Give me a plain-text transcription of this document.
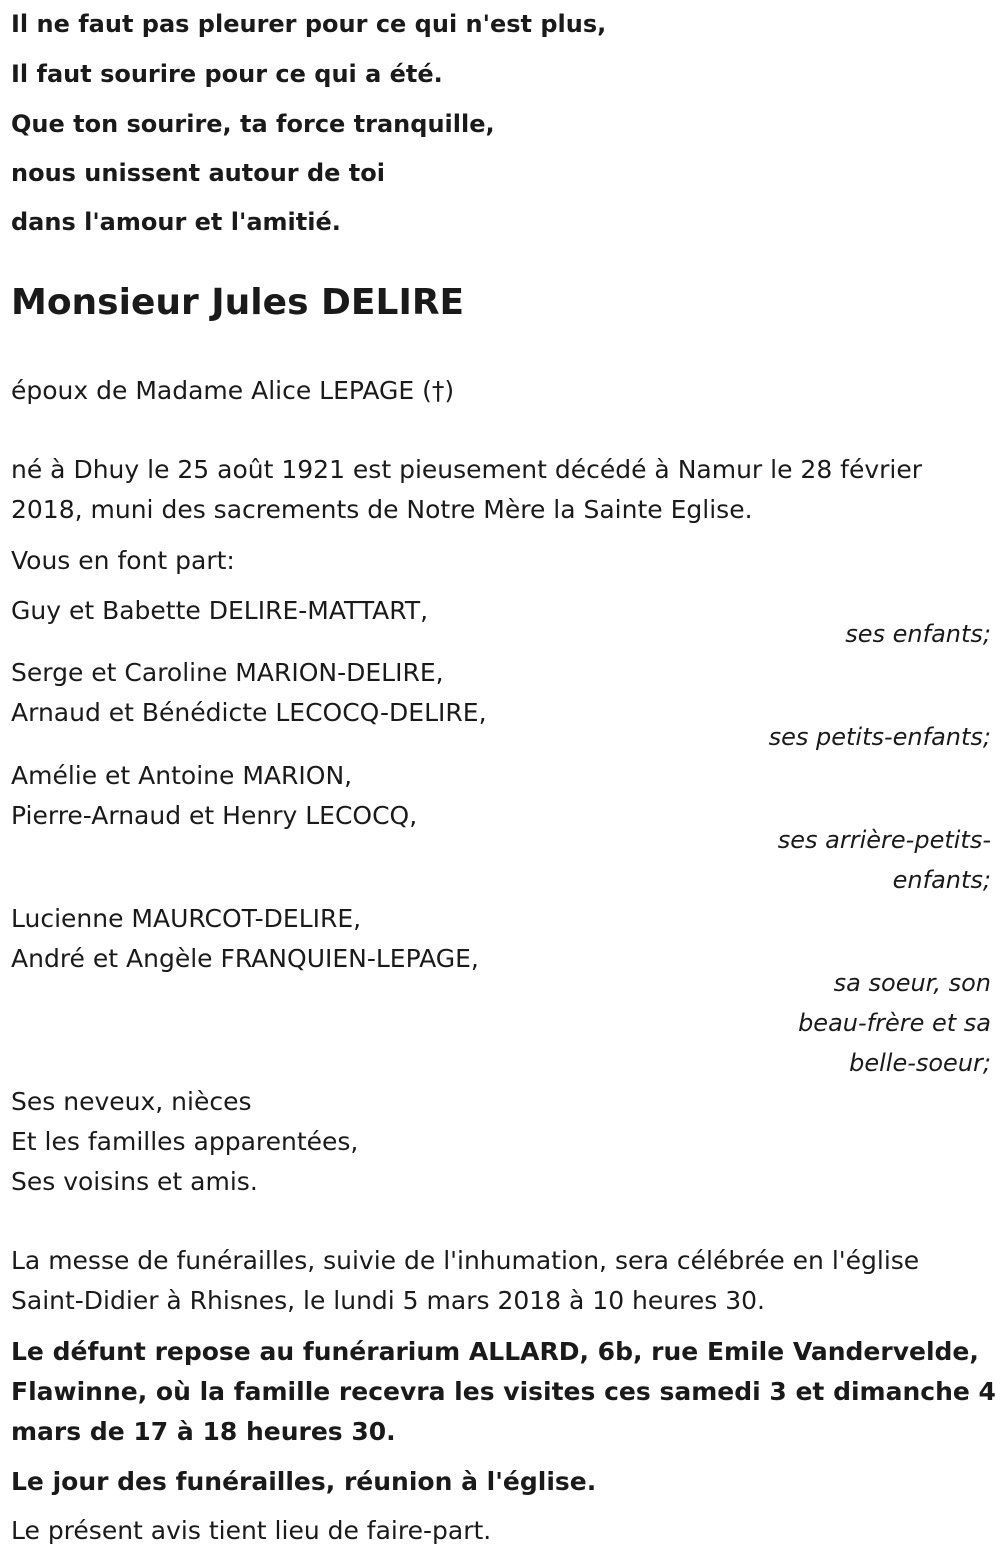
Il ne faut pas pleurer pour ce qui n'est plus,
Il faut sourire pour ce qui a été.
Que ton sourire, ta force tranquille,
nous unissent autour de toi
dans l'amour et l'amitié.
Monsieur Jules DELIRE
époux de Madame Alice LEPAGE (†)
né à Dhuy le 25 août 1921 est pieusement décédé à Namur le 28 février
2018, muni des sacrements de Notre Mère la Sainte Eglise.
Vous en font part:
Guy et Babette DELIRE-MATTART,
ses enfants;
Serge et Caroline MARION-DELIRE,
Arnaud et Bénédicte LECOCQ-DELIRE,
ses petits-enfants;
Amélie et Antoine MARION,
Pierre-Arnaud et Henry LECOCQ,
ses arrière-petits-
enfants;
Lucienne MAURCOT-DELIRE,
André et Angèle FRANQUIEN-LEPAGE,
sa soeur, son
beau-frère et sa
belle-soeur;
Ses neveux, nièces
Et les familles apparentées,
Ses voisins et amis.
La messe de funérailles, suivie de l'inhumation, sera célébrée en l'église
Saint-Didier à Rhisnes, le lundi 5 mars 2018 à 10 heures 30.
Le défunt repose au funérarium ALLARD, 6b, rue Emile Vandervelde,
Flawinne, où la famille recevra les visites ces samedi 3 et dimanche 4
mars de 17 à 18 heures 30.
Le jour des funérailles, réunion à l'église.
Le présent avis tient lieu de faire-part.
